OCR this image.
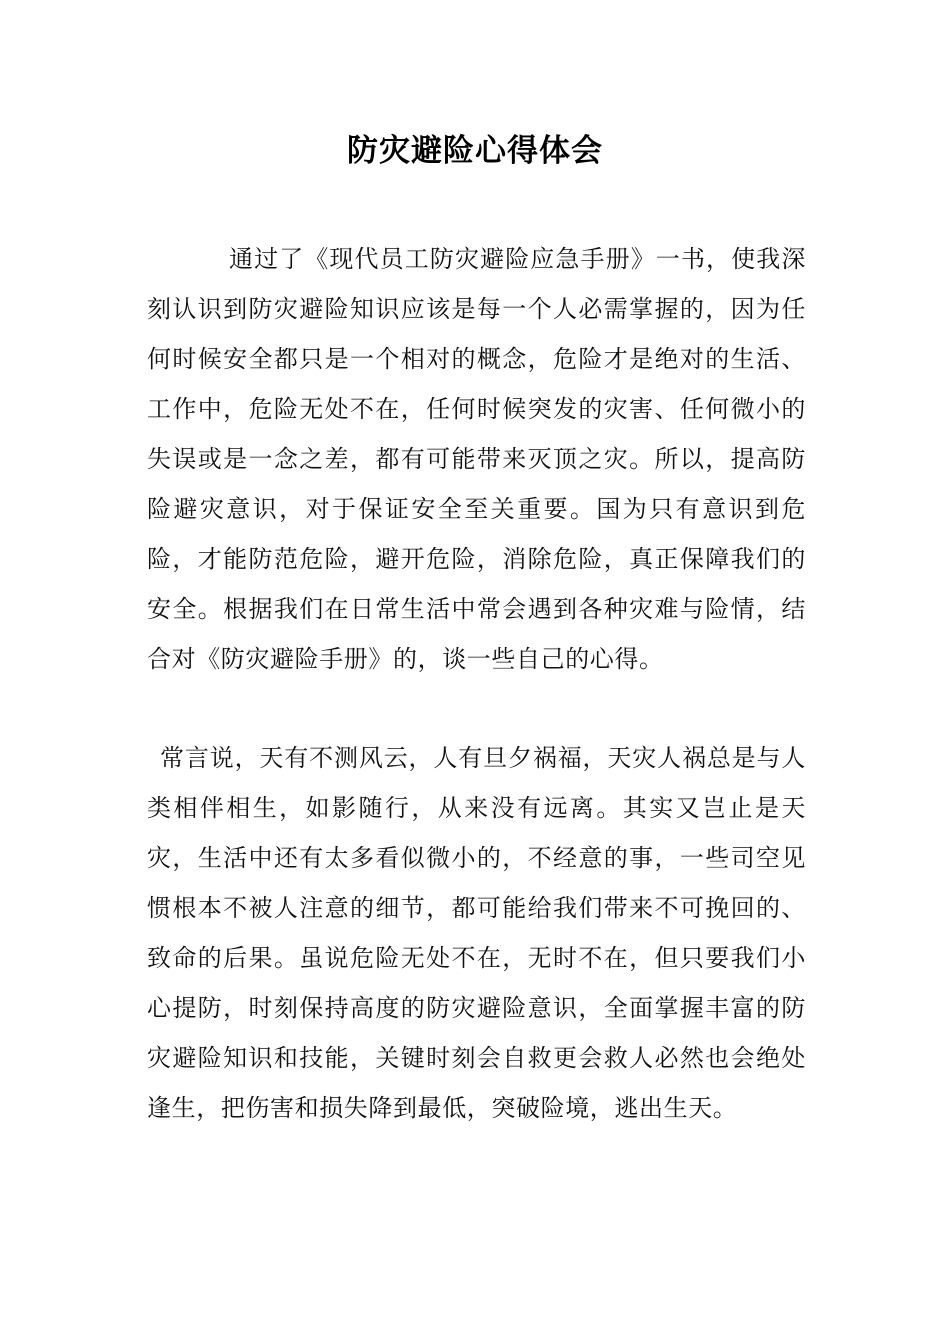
防灾避险心得体会

通过了《现代员工防灾避险应急手册》一书，使我深刻认识到防灾避险知识应该是每一个人必需掌握的，因为任何时候安全都只是一个相对的概念，危险才是绝对的生活、工作中，危险无处不在，任何时候突发的灾害、任何微小的失误或是一念之差，都有可能带来灭顶之灾。所以，提高防险避灾意识，对于保证安全至关重要。国为只有意识到危险，才能防范危险，避开危险，消除危险，真正保障我们的安全。根据我们在日常生活中常会遇到各种灾难与险情，结合对《防灾避险手册》的，谈一些自己的心得。

常言说，天有不测风云，人有旦夕祸福，天灾人祸总是与人类相伴相生，如影随行，从来没有远离。其实又岂止是天灾，生活中还有太多看似微小的，不经意的事，一些司空见惯根本不被人注意的细节，都可能给我们带来不可挽回的、致命的后果。虽说危险无处不在，无时不在，但只要我们小心提防，时刻保持高度的防灾避险意识，全面掌握丰富的防灾避险知识和技能，关键时刻会自救更会救人必然也会绝处逢生，把伤害和损失降到最低，突破险境，逃出生天。
